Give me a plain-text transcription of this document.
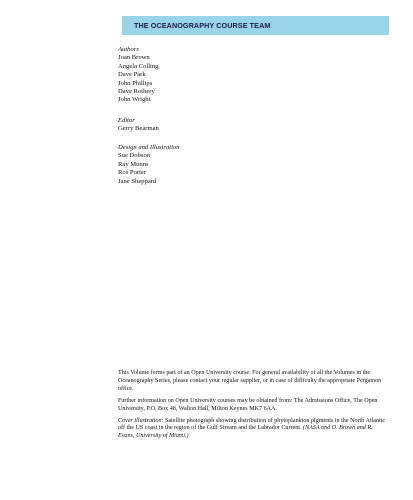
THE OCEANOGRAPHY COURSE TEAM
Authors
Joan Brown
Angela Colling
Dave Park
John Phillips
Dave Rothery
John Wright
Editor
Gerry Bearman
Design and Illustration
Sue Dobson
Ray Munns
Ros Porter
Jane Sheppard

This Volume forms part of an Open University course. For general availability of all the Volumes in the Oceanography Series, please contact your regular supplier, or in case of difficulty the appropriate Pergamon office.

Further information on Open University courses may be obtained from: The Admissions Office, The Open University, P.O. Box 48, Walton Hall, Milton Keynes MK7 6AA.

Cover illustration: Satellite photograph showing distribution of phytoplankton pigments in the North Atlantic off the US coast in the region of the Gulf Stream and the Labrador Current. (NASA and O. Brown and R. Evans, University of Miami.)
